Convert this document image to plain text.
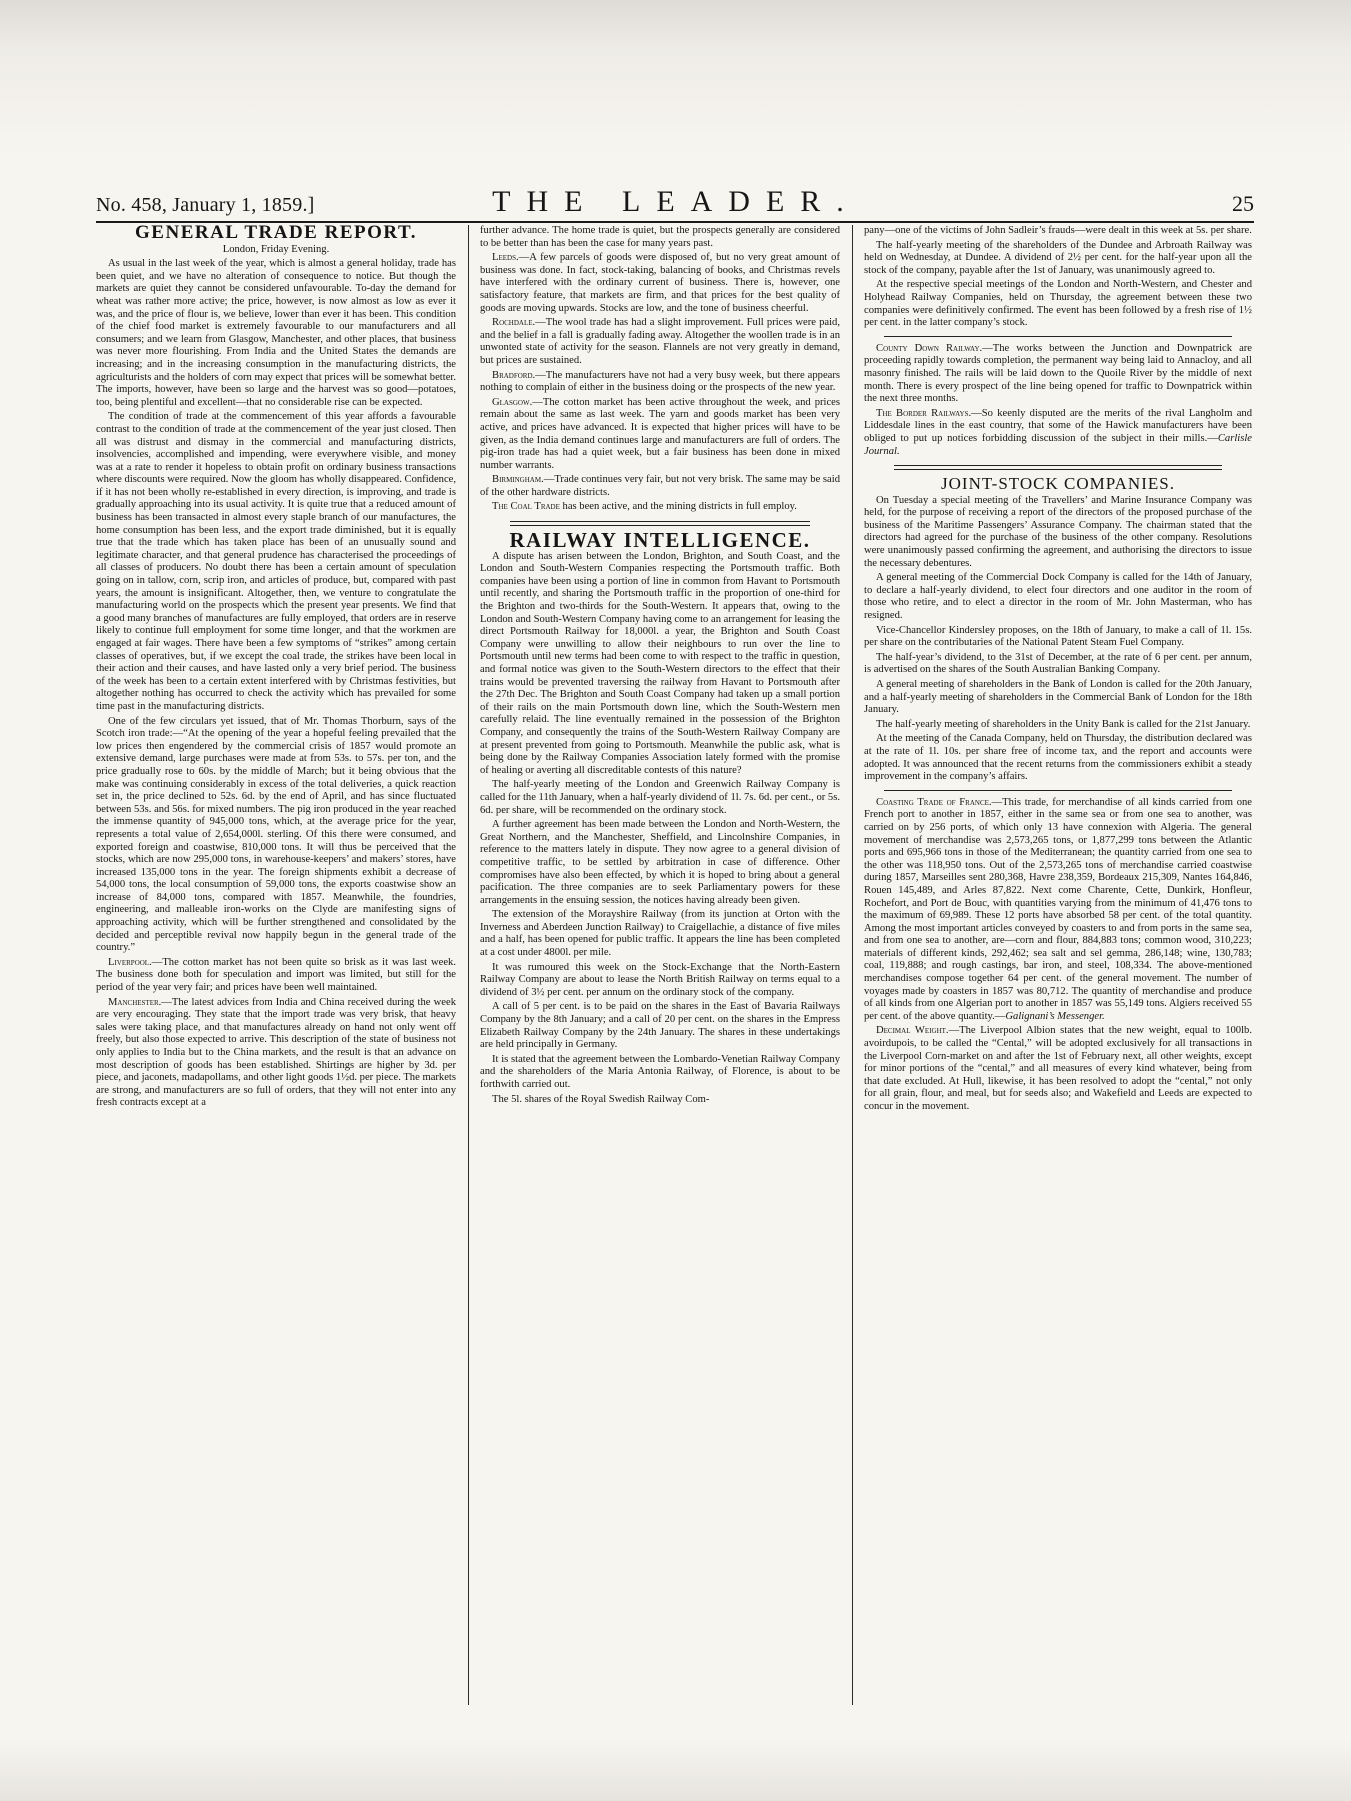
No. 458, January 1, 1859.]	THE LEADER.	25
GENERAL TRADE REPORT.
London, Friday Evening.

As usual in the last week of the year, which is almost a general holiday, trade has been quiet, and we have no alteration of consequence to notice. But though the markets are quiet they cannot be considered unfavourable. To-day the demand for wheat was rather more active; the price, however, is now almost as low as ever it was, and the price of flour is, we believe, lower than ever it has been. This condition of the chief food market is extremely favourable to our manufacturers and all consumers; and we learn from Glasgow, Manchester, and other places, that business was never more flourishing. From India and the United States the demands are increasing; and in the increasing consumption in the manufacturing districts, the agriculturists and the holders of corn may expect that prices will be somewhat better. The imports, however, have been so large and the harvest was so good—potatoes, too, being plentiful and excellent—that no considerable rise can be expected.

The condition of trade at the commencement of this year affords a favourable contrast to the condition of trade at the commencement of the year just closed. Then all was distrust and dismay in the commercial and manufacturing districts, insolvencies, accomplished and impending, were everywhere visible, and money was at a rate to render it hopeless to obtain profit on ordinary business transactions where discounts were required. Now the gloom has wholly disappeared. Confidence, if it has not been wholly re-established in every direction, is improving, and trade is gradually approaching into its usual activity. It is quite true that a reduced amount of business has been transacted in almost every staple branch of our manufactures, the home consumption has been less, and the export trade diminished, but it is equally true that the trade which has taken place has been of an unusually sound and legitimate character, and that general prudence has characterised the proceedings of all classes of producers. No doubt there has been a certain amount of speculation going on in tallow, corn, scrip iron, and articles of produce, but, compared with past years, the amount is insignificant. Altogether, then, we venture to congratulate the manufacturing world on the prospects which the present year presents. We find that a good many branches of manufactures are fully employed, that orders are in reserve likely to continue full employment for some time longer, and that the workmen are engaged at fair wages. There have been a few symptoms of “strikes” among certain classes of operatives, but, if we except the coal trade, the strikes have been local in their action and their causes, and have lasted only a very brief period. The business of the week has been to a certain extent interfered with by Christmas festivities, but altogether nothing has occurred to check the activity which has prevailed for some time past in the manufacturing districts.

One of the few circulars yet issued, that of Mr. Thomas Thorburn, says of the Scotch iron trade:—“At the opening of the year a hopeful feeling prevailed that the low prices then engendered by the commercial crisis of 1857 would promote an extensive demand, large purchases were made at from 53s. to 57s. per ton, and the price gradually rose to 60s. by the middle of March; but it being obvious that the make was continuing considerably in excess of the total deliveries, a quick reaction set in, the price declined to 52s. 6d. by the end of April, and has since fluctuated between 53s. and 56s. for mixed numbers. The pig iron produced in the year reached the immense quantity of 945,000 tons, which, at the average price for the year, represents a total value of 2,654,000l. sterling. Of this there were consumed, and exported foreign and coastwise, 810,000 tons. It will thus be perceived that the stocks, which are now 295,000 tons, in warehouse-keepers’ and makers’ stores, have increased 135,000 tons in the year. The foreign shipments exhibit a decrease of 54,000 tons, the local consumption of 59,000 tons, the exports coastwise show an increase of 84,000 tons, compared with 1857. Meanwhile, the foundries, engineering, and malleable iron-works on the Clyde are manifesting signs of approaching activity, which will be further strengthened and consolidated by the decided and perceptible revival now happily begun in the general trade of the country.”

Liverpool.—The cotton market has not been quite so brisk as it was last week. The business done both for speculation and import was limited, but still for the period of the year very fair; and prices have been well maintained.

Manchester.—The latest advices from India and China received during the week are very encouraging. They state that the import trade was very brisk, that heavy sales were taking place, and that manufactures already on hand not only went off freely, but also those expected to arrive. This description of the state of business not only applies to India but to the China markets, and the result is that an advance on most description of goods has been established. Shirtings are higher by 3d. per piece, and jaconets, madapollams, and other light goods 1½d. per piece. The markets are strong, and manufacturers are so full of orders, that they will not enter into any fresh contracts except at a

further advance. The home trade is quiet, but the prospects generally are considered to be better than has been the case for many years past.

Leeds.—A few parcels of goods were disposed of, but no very great amount of business was done. In fact, stock-taking, balancing of books, and Christmas revels have interfered with the ordinary current of business. There is, however, one satisfactory feature, that markets are firm, and that prices for the best quality of goods are moving upwards. Stocks are low, and the tone of business cheerful.

Rochdale.—The wool trade has had a slight improvement. Full prices were paid, and the belief in a fall is gradually fading away. Altogether the woollen trade is in an unwonted state of activity for the season. Flannels are not very greatly in demand, but prices are sustained.

Bradford.—The manufacturers have not had a very busy week, but there appears nothing to complain of either in the business doing or the prospects of the new year.

Glasgow.—The cotton market has been active throughout the week, and prices remain about the same as last week. The yarn and goods market has been very active, and prices have advanced. It is expected that higher prices will have to be given, as the India demand continues large and manufacturers are full of orders. The pig-iron trade has had a quiet week, but a fair business has been done in mixed number warrants.

Birmingham.—Trade continues very fair, but not very brisk. The same may be said of the other hardware districts.

The Coal Trade has been active, and the mining districts in full employ.

RAILWAY INTELLIGENCE.

A dispute has arisen between the London, Brighton, and South Coast, and the London and South-Western Companies respecting the Portsmouth traffic. Both companies have been using a portion of line in common from Havant to Portsmouth until recently, and sharing the Portsmouth traffic in the proportion of one-third for the Brighton and two-thirds for the South-Western. It appears that, owing to the London and South-Western Company having come to an arrangement for leasing the direct Portsmouth Railway for 18,000l. a year, the Brighton and South Coast Company were unwilling to allow their neighbours to run over the line to Portsmouth until new terms had been come to with respect to the traffic in question, and formal notice was given to the South-Western directors to the effect that their trains would be prevented traversing the railway from Havant to Portsmouth after the 27th Dec. The Brighton and South Coast Company had taken up a small portion of their rails on the main Portsmouth down line, which the South-Western men carefully relaid. The line eventually remained in the possession of the Brighton Company, and consequently the trains of the South-Western Railway Company are at present prevented from going to Portsmouth. Meanwhile the public ask, what is being done by the Railway Companies Association lately formed with the promise of healing or averting all discreditable contests of this nature?

The half-yearly meeting of the London and Greenwich Railway Company is called for the 11th January, when a half-yearly dividend of 1l. 7s. 6d. per cent., or 5s. 6d. per share, will be recommended on the ordinary stock.

A further agreement has been made between the London and North-Western, the Great Northern, and the Manchester, Sheffield, and Lincolnshire Companies, in reference to the matters lately in dispute. They now agree to a general division of competitive traffic, to be settled by arbitration in case of difference. Other compromises have also been effected, by which it is hoped to bring about a general pacification. The three companies are to seek Parliamentary powers for these arrangements in the ensuing session, the notices having already been given.

The extension of the Morayshire Railway (from its junction at Orton with the Inverness and Aberdeen Junction Railway) to Craigellachie, a distance of five miles and a half, has been opened for public traffic. It appears the line has been completed at a cost under 4800l. per mile.

It was rumoured this week on the Stock-Exchange that the North-Eastern Railway Company are about to lease the North British Railway on terms equal to a dividend of 3½ per cent. per annum on the ordinary stock of the company.

A call of 5 per cent. is to be paid on the shares in the East of Bavaria Railways Company by the 8th January; and a call of 20 per cent. on the shares in the Empress Elizabeth Railway Company by the 24th January. The shares in these undertakings are held principally in Germany.

It is stated that the agreement between the Lombardo-Venetian Railway Company and the shareholders of the Maria Antonia Railway, of Florence, is about to be forthwith carried out.

The 5l. shares of the Royal Swedish Railway Com-

pany—one of the victims of John Sadleir’s frauds—were dealt in this week at 5s. per share.

The half-yearly meeting of the shareholders of the Dundee and Arbroath Railway was held on Wednesday, at Dundee. A dividend of 2½ per cent. for the half-year upon all the stock of the company, payable after the 1st of January, was unanimously agreed to.

At the respective special meetings of the London and North-Western, and Chester and Holyhead Railway Companies, held on Thursday, the agreement between these two companies were definitively confirmed. The event has been followed by a fresh rise of 1½ per cent. in the latter company’s stock.

County Down Railway.—The works between the Junction and Downpatrick are proceeding rapidly towards completion, the permanent way being laid to Annacloy, and all masonry finished. The rails will be laid down to the Quoile River by the middle of next month. There is every prospect of the line being opened for traffic to Downpatrick within the next three months.

The Border Railways.—So keenly disputed are the merits of the rival Langholm and Liddesdale lines in the east country, that some of the Hawick manufacturers have been obliged to put up notices forbidding discussion of the subject in their mills.—Carlisle Journal.

JOINT-STOCK COMPANIES.

On Tuesday a special meeting of the Travellers’ and Marine Insurance Company was held, for the purpose of receiving a report of the directors of the proposed purchase of the business of the Maritime Passengers’ Assurance Company. The chairman stated that the directors had agreed for the purchase of the business of the other company. Resolutions were unanimously passed confirming the agreement, and authorising the directors to issue the necessary debentures.

A general meeting of the Commercial Dock Company is called for the 14th of January, to declare a half-yearly dividend, to elect four directors and one auditor in the room of those who retire, and to elect a director in the room of Mr. John Masterman, who has resigned.

Vice-Chancellor Kindersley proposes, on the 18th of January, to make a call of 1l. 15s. per share on the contributaries of the National Patent Steam Fuel Company.

The half-year’s dividend, to the 31st of December, at the rate of 6 per cent. per annum, is advertised on the shares of the South Australian Banking Company.

A general meeting of shareholders in the Bank of London is called for the 20th January, and a half-yearly meeting of shareholders in the Commercial Bank of London for the 18th January.

The half-yearly meeting of shareholders in the Unity Bank is called for the 21st January.

At the meeting of the Canada Company, held on Thursday, the distribution declared was at the rate of 1l. 10s. per share free of income tax, and the report and accounts were adopted. It was announced that the recent returns from the commissioners exhibit a steady improvement in the company’s affairs.

Coasting Trade of France.—This trade, for merchandise of all kinds carried from one French port to another in 1857, either in the same sea or from one sea to another, was carried on by 256 ports, of which only 13 have connexion with Algeria. The general movement of merchandise was 2,573,265 tons, or 1,877,299 tons between the Atlantic ports and 695,966 tons in those of the Mediterranean; the quantity carried from one sea to the other was 118,950 tons. Out of the 2,573,265 tons of merchandise carried coastwise during 1857, Marseilles sent 280,368, Havre 238,359, Bordeaux 215,309, Nantes 164,846, Rouen 145,489, and Arles 87,822. Next come Charente, Cette, Dunkirk, Honfleur, Rochefort, and Port de Bouc, with quantities varying from the minimum of 41,476 tons to the maximum of 69,989. These 12 ports have absorbed 58 per cent. of the total quantity. Among the most important articles conveyed by coasters to and from ports in the same sea, and from one sea to another, are—corn and flour, 884,883 tons; common wood, 310,223; materials of different kinds, 292,462; sea salt and sel gemma, 286,148; wine, 130,783; coal, 119,888; and rough castings, bar iron, and steel, 108,334. The above-mentioned merchandises compose together 64 per cent. of the general movement. The number of voyages made by coasters in 1857 was 80,712. The quantity of merchandise and produce of all kinds from one Algerian port to another in 1857 was 55,149 tons. Algiers received 55 per cent. of the above quantity.—Galignani’s Messenger.

Decimal Weight.—The Liverpool Albion states that the new weight, equal to 100lb. avoirdupois, to be called the “Cental,” will be adopted exclusively for all transactions in the Liverpool Corn-market on and after the 1st of February next, all other weights, except for minor portions of the “cental,” and all measures of every kind whatever, being from that date excluded. At Hull, likewise, it has been resolved to adopt the “cental,” not only for all grain, flour, and meal, but for seeds also; and Wakefield and Leeds are expected to concur in the movement.
